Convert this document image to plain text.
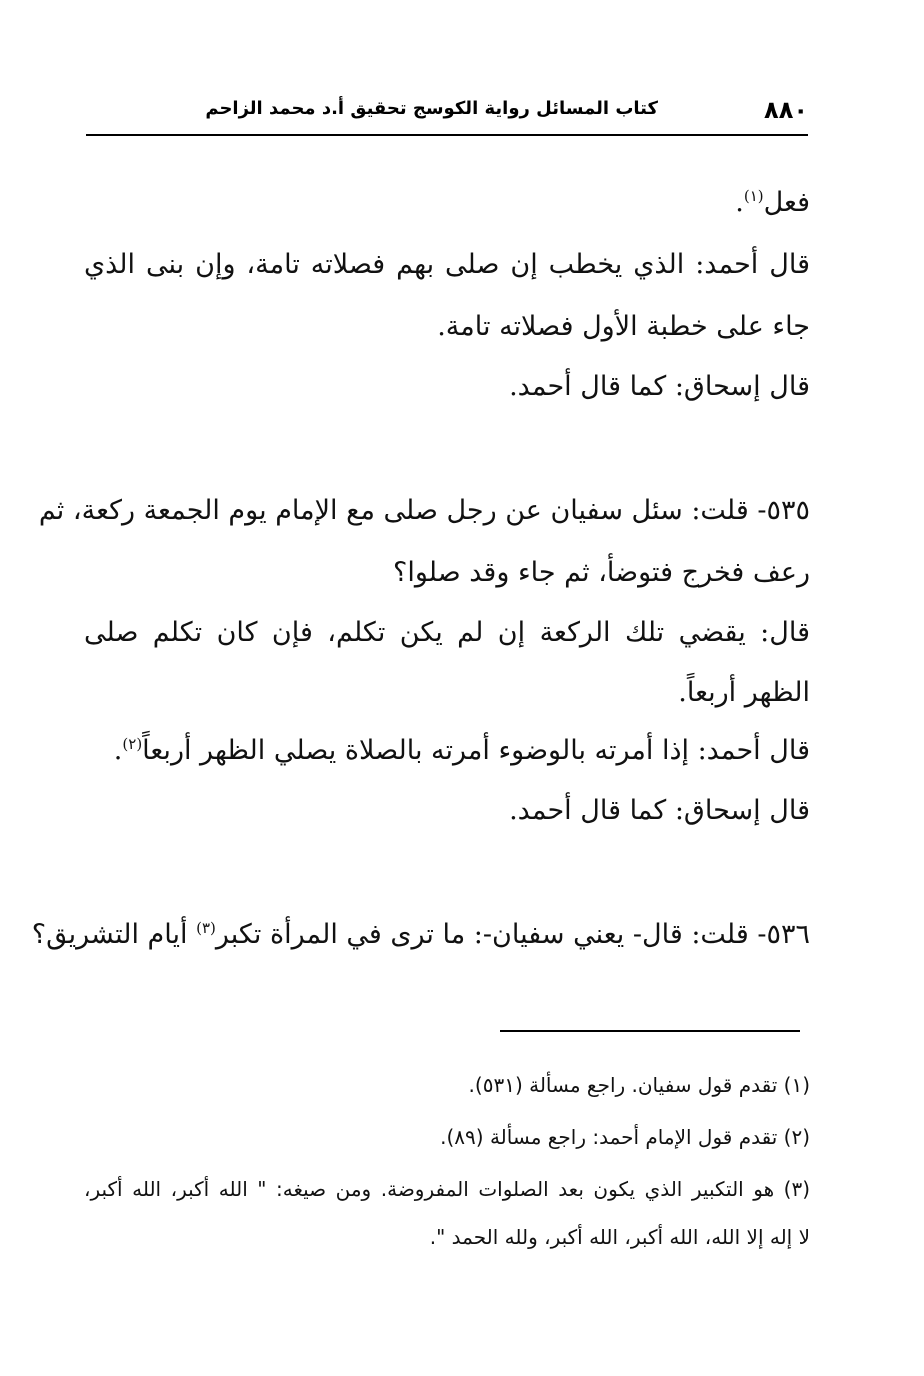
٨٨٠
كتاب المسائل رواية الكوسج تحقيق أ.د محمد الزاحم
فعل$^{(١)}$.
قال أحمد: الذي يخطب إن صلى بهم فصلاته تامة، وإن بنى الذي
جاء على خطبة الأول فصلاته تامة.
قال إسحاق: كما قال أحمد.
٥٣٥- قلت: سئل سفيان عن رجل صلى مع الإمام يوم الجمعة ركعة، ثم
رعف فخرج فتوضأ، ثم جاء وقد صلوا؟
قال: يقضي تلك الركعة إن لم يكن تكلم، فإن كان تكلم صلى
الظهر أربعاً.
قال أحمد: إذا أمرته بالوضوء أمرته بالصلاة يصلي الظهر أربعاً$^{(٢)}$.
قال إسحاق: كما قال أحمد.
٥٣٦- قلت: قال- يعني سفيان-: ما ترى في المرأة تكبر$^{(٣)}$ أيام التشريق؟
(١) تقدم قول سفيان. راجع مسألة (٥٣١).
(٢) تقدم قول الإمام أحمد: راجع مسألة (٨٩).
(٣) هو التكبير الذي يكون بعد الصلوات المفروضة. ومن صيغه: " الله أكبر، الله أكبر،
لا إله إلا الله، الله أكبر، الله أكبر، ولله الحمد ".
